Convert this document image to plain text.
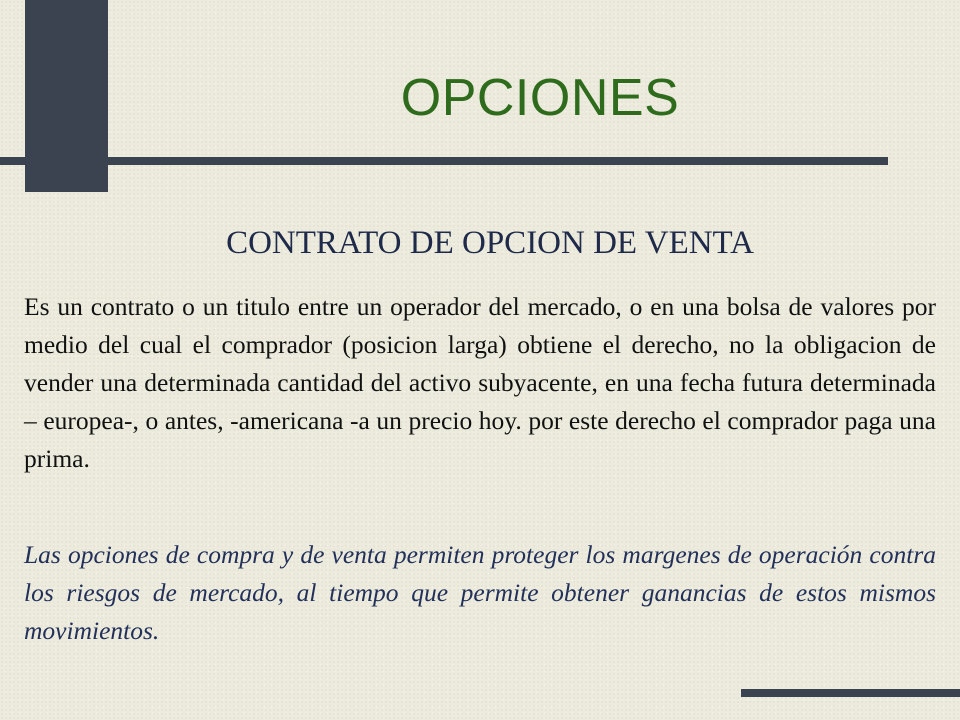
OPCIONES
CONTRATO DE OPCION DE VENTA

Es un contrato o un titulo entre un operador del mercado, o en una bolsa de valores por medio del cual el comprador (posicion larga) obtiene el derecho, no la obligacion de vender una determinada cantidad del activo subyacente, en una fecha futura determinada – europea-, o antes, -americana -a un precio hoy. por este derecho el comprador paga una prima.

Las opciones de compra y de venta permiten proteger los margenes de operación contra los riesgos de mercado, al tiempo que permite obtener ganancias de estos mismos movimientos.
